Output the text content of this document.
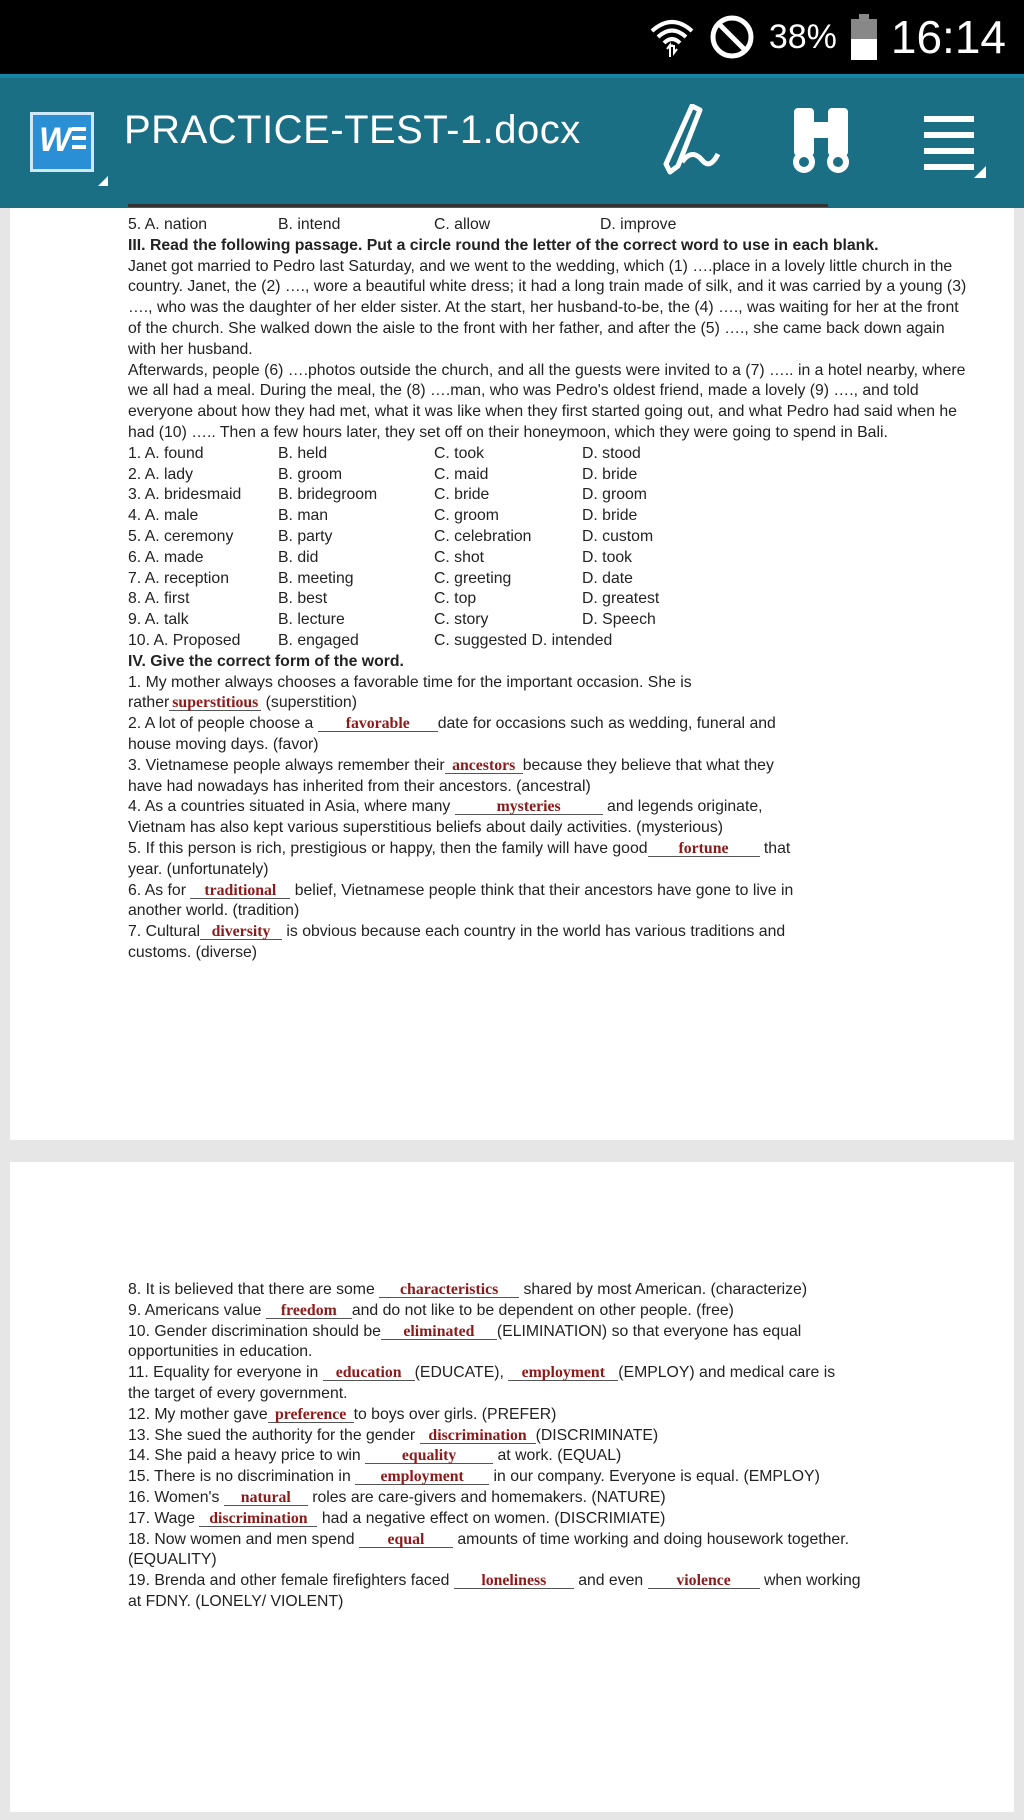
38% 16:14
W PRACTICE-TEST-1.docx
5. A. nation	B. intend	C. allow	D. improve
III. Read the following passage. Put a circle round the letter of the correct word to use in each blank.
Janet got married to Pedro last Saturday, and we went to the wedding, which (1) ….place in a lovely little church in the country. Janet, the (2) …., wore a beautiful white dress; it had a long train made of silk, and it was carried by a young (3) …., who was the daughter of her elder sister. At the start, her husband-to-be, the (4) …., was waiting for her at the front of the church. She walked down the aisle to the front with her father, and after the (5) …., she came back down again with her husband.
Afterwards, people (6) ….photos outside the church, and all the guests were invited to a (7) ….. in a hotel nearby, where we all had a meal. During the meal, the (8) ….man, who was Pedro's oldest friend, made a lovely (9) …., and told everyone about how they had met, what it was like when they first started going out, and what Pedro had said when he had (10) ….. Then a few hours later, they set off on their honeymoon, which they were going to spend in Bali.
1. A. found	B. held	C. took	D. stood
2. A. lady	B. groom	C. maid	D. bride
3. A. bridesmaid B. bridegroom	C. bride	D. groom
4. A. male	B. man	C. groom	D. bride
5. A. ceremony	B. party	C. celebration	D. custom
6. A. made	B. did	C. shot	D. took
7. A. reception	B. meeting	C. greeting	D. date
8. A. first	B. best	C. top	D. greatest
9. A. talk	B. lecture	C. story	D. Speech
10. A. Proposed B. engaged	C. suggested D. intended
IV. Give the correct form of the word.
1. My mother always chooses a favorable time for the important occasion. She is
rather superstitious (superstition)
2. A lot of people choose a favorable date for occasions such as wedding, funeral and
house moving days. (favor)
3. Vietnamese people always remember their ancestors because they believe that what they
have had nowadays has inherited from their ancestors. (ancestral)
4. As a countries situated in Asia, where many	mysteries	and legends originate,
Vietnam has also kept various superstitious beliefs about daily activities. (mysterious)
5. If this person is rich, prestigious or happy, then the family will have good fortune that
year. (unfortunately)
6. As for traditional belief, Vietnamese people think that their ancestors have gone to live in
another world. (tradition)
7. Cultural diversity is obvious because each country in the world has various traditions and
customs. (diverse)
8. It is believed that there are some characteristics shared by most American. (characterize)
9. Americans value freedom and do not like to be dependent on other people. (free)
10. Gender discrimination should be eliminated (ELIMINATION) so that everyone has equal
opportunities in education.
11. Equality for everyone in education (EDUCATE), employment (EMPLOY) and medical care is
the target of every government.
12. My mother gave preference to boys over girls. (PREFER)
13. She sued the authority for the gender discrimination (DISCRIMINATE)
14. She paid a heavy price to win	equality	at work. (EQUAL)
15. There is no discrimination in employment in our company. Everyone is equal. (EMPLOY)
16. Women's natural roles are care-givers and homemakers. (NATURE)
17. Wage discrimination had a negative effect on women. (DISCRIMIATE)
18. Now women and men spend equal amounts of time working and doing housework together.
(EQUALITY)
19. Brenda and other female firefighters faced loneliness and even violence when working
at FDNY. (LONELY/ VIOLENT)
